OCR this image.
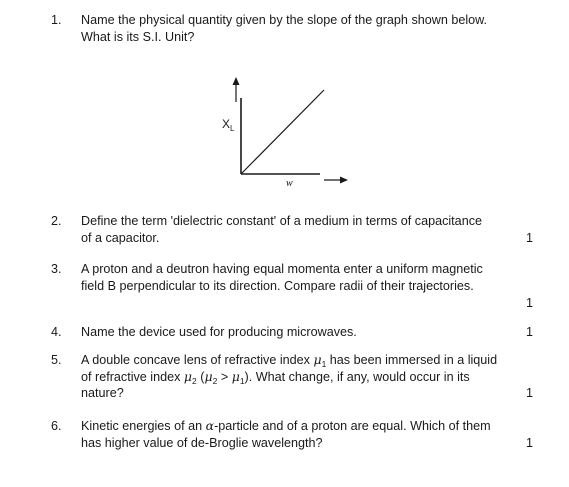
1.	Name the physical quantity given by the slope of the graph shown below.
What is its S.I. Unit?
$X_L$
w
2.	Define the term 'dielectric constant' of a medium in terms of capacitance
of a capacitor.	1
3.	A proton and a deutron having equal momenta enter a uniform magnetic
field B perpendicular to its direction. Compare radii of their trajectories.
1
4.	Name the device used for producing microwaves.	1
5.	A double concave lens of refractive index $\mu_1$ has been immersed in a liquid
of refractive index $\mu_2$ $(\mu_2 > \mu_1)$. What change, if any, would occur in its
nature?	1
6.	Kinetic energies of an α-particle and of a proton are equal. Which of them
has higher value of de-Broglie wavelength?	1
